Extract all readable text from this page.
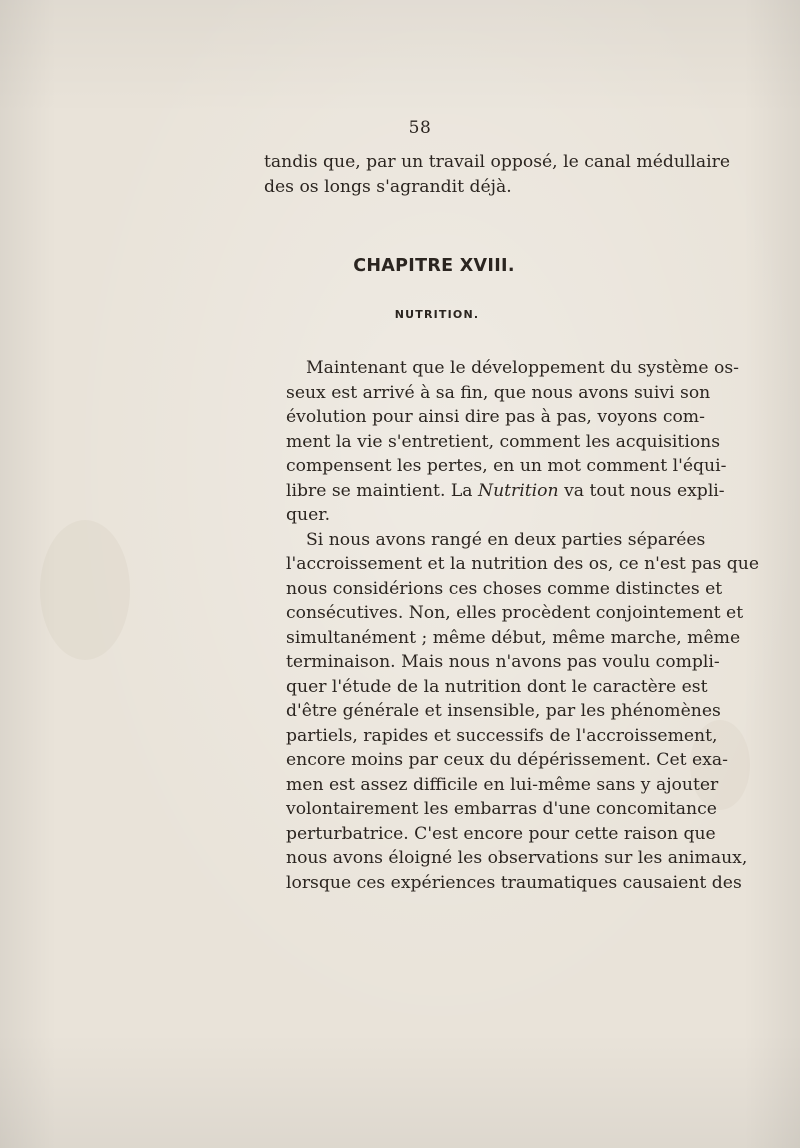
58
tandis que, par un travail opposé, le canal médullaire
des os longs s'agrandit déjà.
CHAPITRE XVIII.
NUTRITION.
Maintenant que le développement du système os-
seux est arrivé à sa fin, que nous avons suivi son
évolution pour ainsi dire pas à pas, voyons com-
ment la vie s'entretient, comment les acquisitions
compensent les pertes, en un mot comment l'équi-
libre se maintient. La Nutrition va tout nous expli-
quer.
Si nous avons rangé en deux parties séparées
l'accroissement et la nutrition des os, ce n'est pas que
nous considérions ces choses comme distinctes et
consécutives. Non, elles procèdent conjointement et
simultanément ; même début, même marche, même
terminaison. Mais nous n'avons pas voulu compli-
quer l'étude de la nutrition dont le caractère est
d'être générale et insensible, par les phénomènes
partiels, rapides et successifs de l'accroissement,
encore moins par ceux du dépérissement. Cet exa-
men est assez difficile en lui-même sans y ajouter
volontairement les embarras d'une concomitance
perturbatrice. C'est encore pour cette raison que
nous avons éloigné les observations sur les animaux,
lorsque ces expériences traumatiques causaient des
